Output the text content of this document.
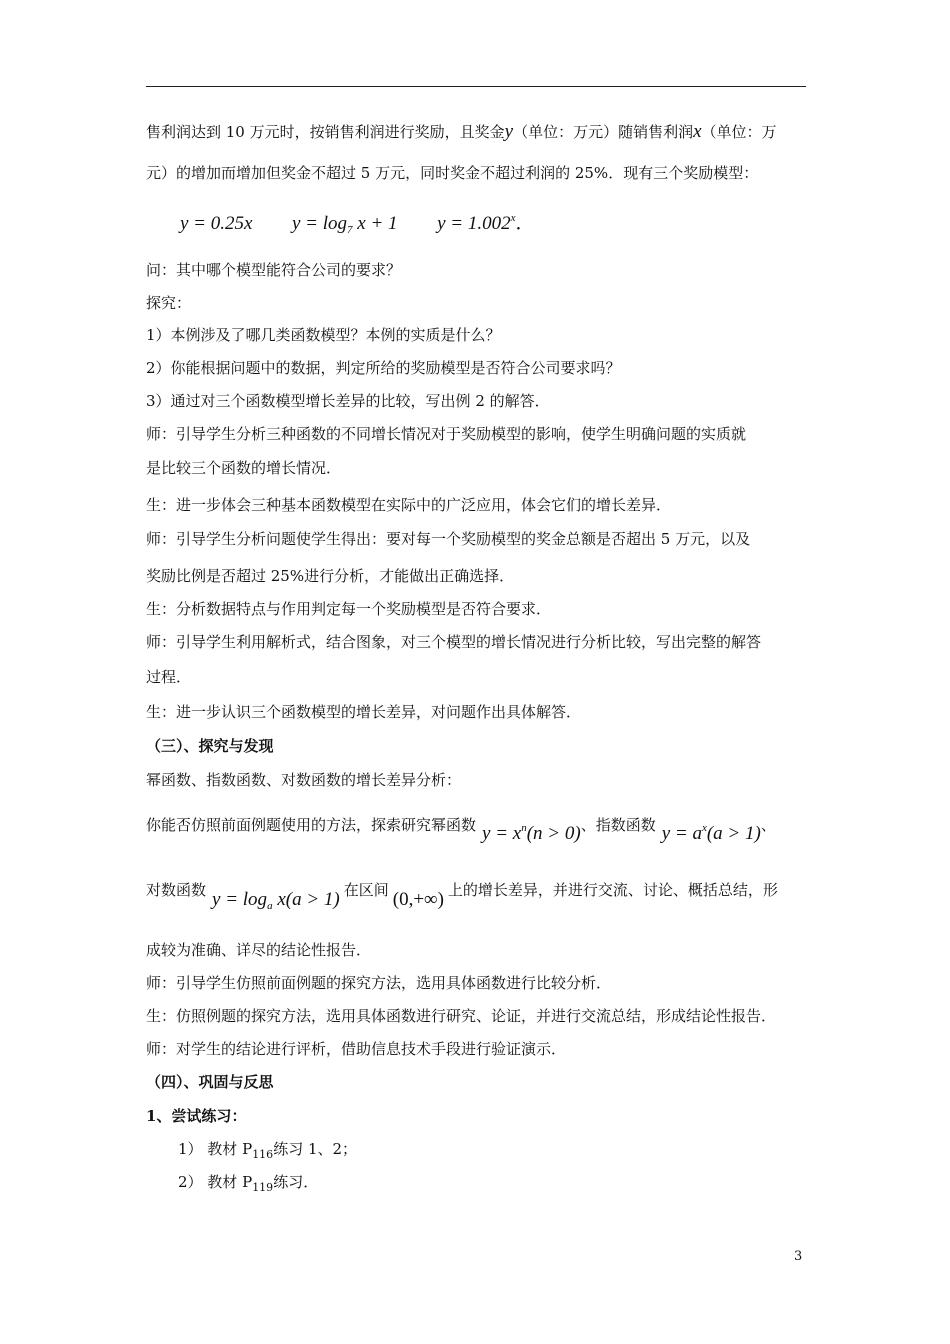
售利润达到 10 万元时，按销售利润进行奖励，且奖金y（单位：万元）随销售利润x（单位：万
元）的增加而增加但奖金不超过 5 万元，同时奖金不超过利润的 25%．现有三个奖励模型：
y = 0.25x $y = \log_7 x + 1$ $y = 1.002^x$．
问：其中哪个模型能符合公司的要求？
探究：
1）本例涉及了哪几类函数模型？本例的实质是什么？
2）你能根据问题中的数据，判定所给的奖励模型是否符合公司要求吗？
3）通过对三个函数模型增长差异的比较，写出例 2 的解答．
师：引导学生分析三种函数的不同增长情况对于奖励模型的影响，使学生明确问题的实质就
是比较三个函数的增长情况．
生：进一步体会三种基本函数模型在实际中的广泛应用，体会它们的增长差异．
师：引导学生分析问题使学生得出：要对每一个奖励模型的奖金总额是否超出 5 万元，以及
奖励比例是否超过 25%进行分析，才能做出正确选择．
生：分析数据特点与作用判定每一个奖励模型是否符合要求．
师：引导学生利用解析式，结合图象，对三个模型的增长情况进行分析比较，写出完整的解答
过程．
生：进一步认识三个函数模型的增长差异，对问题作出具体解答．
（三）、探究与发现
幂函数、指数函数、对数函数的增长差异分析：
你能否仿照前面例题使用的方法，探索研究幂函数 $y = x^n(n > 0)$、指数函数 $y = a^x(a > 1)$、
对数函数 $y = \log_a x(a > 1)$ 在区间 (0,+∞) 上的增长差异，并进行交流、讨论、概括总结，形
成较为准确、详尽的结论性报告．
师：引导学生仿照前面例题的探究方法，选用具体函数进行比较分析．
生：仿照例题的探究方法，选用具体函数进行研究、论证，并进行交流总结，形成结论性报告．
师：对学生的结论进行评析，借助信息技术手段进行验证演示．
（四）、巩固与反思
1、尝试练习：
1） 教材 $P_{116}$练习 1、2；
2） 教材 $P_{119}$练习．
3
